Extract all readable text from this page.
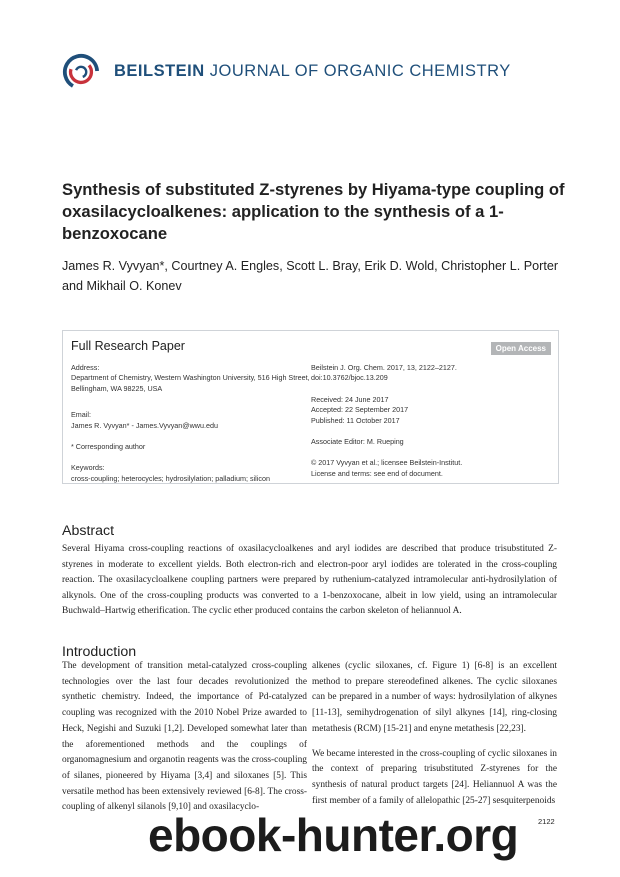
BEILSTEIN JOURNAL OF ORGANIC CHEMISTRY
Synthesis of substituted Z-styrenes by Hiyama-type coupling of oxasilacycloalkenes: application to the synthesis of a 1-benzoxocane
James R. Vyvyan*, Courtney A. Engles, Scott L. Bray, Erik D. Wold, Christopher L. Porter and Mikhail O. Konev
Full Research Paper	Open Access
Address:
Department of Chemistry, Western Washington University, 516 High Street, Bellingham, WA 98225, USA
Email:
James R. Vyvyan* - James.Vyvyan@wwu.edu
* Corresponding author
Keywords:
cross-coupling; heterocycles; hydrosilylation; palladium; silicon
Beilstein J. Org. Chem. 2017, 13, 2122–2127.
doi:10.3762/bjoc.13.209
Received: 24 June 2017
Accepted: 22 September 2017
Published: 11 October 2017
Associate Editor: M. Rueping
© 2017 Vyvyan et al.; licensee Beilstein-Institut.
License and terms: see end of document.
Abstract
Several Hiyama cross-coupling reactions of oxasilacycloalkenes and aryl iodides are described that produce trisubstituted Z-styrenes in moderate to excellent yields. Both electron-rich and electron-poor aryl iodides are tolerated in the cross-coupling reaction. The oxasilacycloalkene coupling partners were prepared by ruthenium-catalyzed intramolecular anti-hydrosilylation of alkynols. One of the cross-coupling products was converted to a 1-benzoxocane, albeit in low yield, using an intramolecular Buchwald–Hartwig etherification. The cyclic ether produced contains the carbon skeleton of heliannuol A.
Introduction

The development of transition metal-catalyzed cross-coupling technologies over the last four decades revolutionized the synthetic chemistry. Indeed, the importance of Pd-catalyzed coupling was recognized with the 2010 Nobel Prize awarded to Heck, Negishi and Suzuki [1,2]. Developed somewhat later than the aforementioned methods and the couplings of organomagnesium and organotin reagents was the cross-coupling of silanes, pioneered by Hiyama [3,4] and siloxanes [5]. This versatile method has been extensively reviewed [6-8]. The cross-coupling of alkenyl silanols [9,10] and oxasilacyclo-

alkenes (cyclic siloxanes, cf. Figure 1) [6-8] is an excellent method to prepare stereodefined alkenes. The cyclic siloxanes can be prepared in a number of ways: hydrosilylation of alkynes [11-13], semihydrogenation of silyl alkynes [14], ring-closing metathesis (RCM) [15-21] and enyne metathesis [22,23].

We became interested in the cross-coupling of cyclic siloxanes in the context of preparing trisubstituted Z-styrenes for the synthesis of natural product targets [24]. Heliannuol A was the first member of a family of allelopathic [25-27] sesquiterpenoids

2122
ebook-hunter.org
